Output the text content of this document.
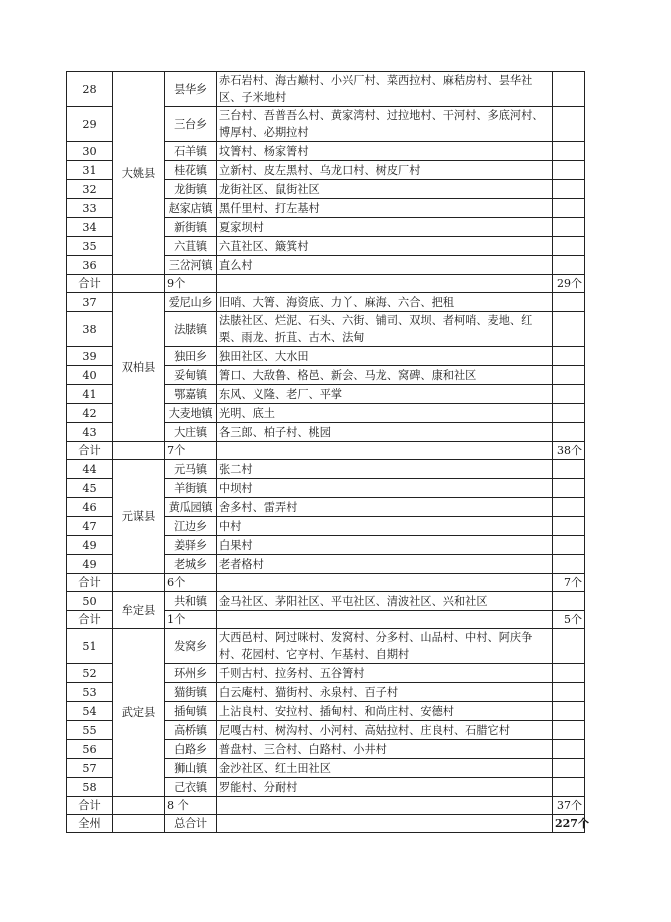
28	大姚县	昙华乡	赤石岩村、海古巅村、小兴厂村、菜西拉村、麻秸房村、昙华社区、子米地村	
29		三台乡	三台村、吾普吾么村、黄家湾村、过拉地村、干河村、多底河村、博厚村、必期拉村	
30		石羊镇	坟箐村、杨家箐村	
31		桂花镇	立新村、皮左黑村、乌龙口村、树皮厂村	
32		龙街镇	龙街社区、鼠街社区	
33		赵家店镇	黑仟里村、打左基村	
34		新街镇	夏家坝村	
35		六苴镇	六苴社区、簸箕村	
36		三岔河镇	直么村	
合计		9个		29个
37	双柏县	爱尼山乡	旧哨、大箐、海资底、力丫、麻海、六合、把租	
38		法脿镇	法脿社区、烂泥、石头、六街、铺司、双坝、者柯哨、麦地、红栗、雨龙、折苴、古木、法甸	
39		独田乡	独田社区、大水田	
40		妥甸镇	箐口、大敌鲁、格邑、新会、马龙、窝碑、康和社区	
41		鄂嘉镇	东风、义隆、老厂、平掌	
42		大麦地镇	光明、底土	
43		大庄镇	各三郎、柏子村、桃园	
合计		7个		38个
44	元谋县	元马镇	张二村	
45		羊街镇	中坝村	
46		黄瓜园镇	舍多村、雷弄村	
47		江边乡	中村	
49		姜驿乡	白果村	
49		老城乡	老者格村	
合计		6个		7个
50	牟定县	共和镇	金马社区、茅阳社区、平屯社区、清波社区、兴和社区	
合计		1个		5个
51	武定县	发窝乡	大西邑村、阿过咪村、发窝村、分多村、山品村、中村、阿庆争村、花园村、它亨村、乍基村、自期村	
52		环州乡	千则古村、拉务村、五谷箐村	
53		猫街镇	白云庵村、猫街村、永泉村、百子村	
54		插甸镇	上沾良村、安拉村、插甸村、和尚庄村、安德村	
55		高桥镇	尼嘎古村、树沟村、小河村、高姑拉村、庄良村、石腊它村	
56		白路乡	普盘村、三合村、白路村、小井村	
57		狮山镇	金沙社区、红土田社区	
58		己衣镇	罗能村、分耐村	
合计		8 个		37个
全州		总合计		227个
